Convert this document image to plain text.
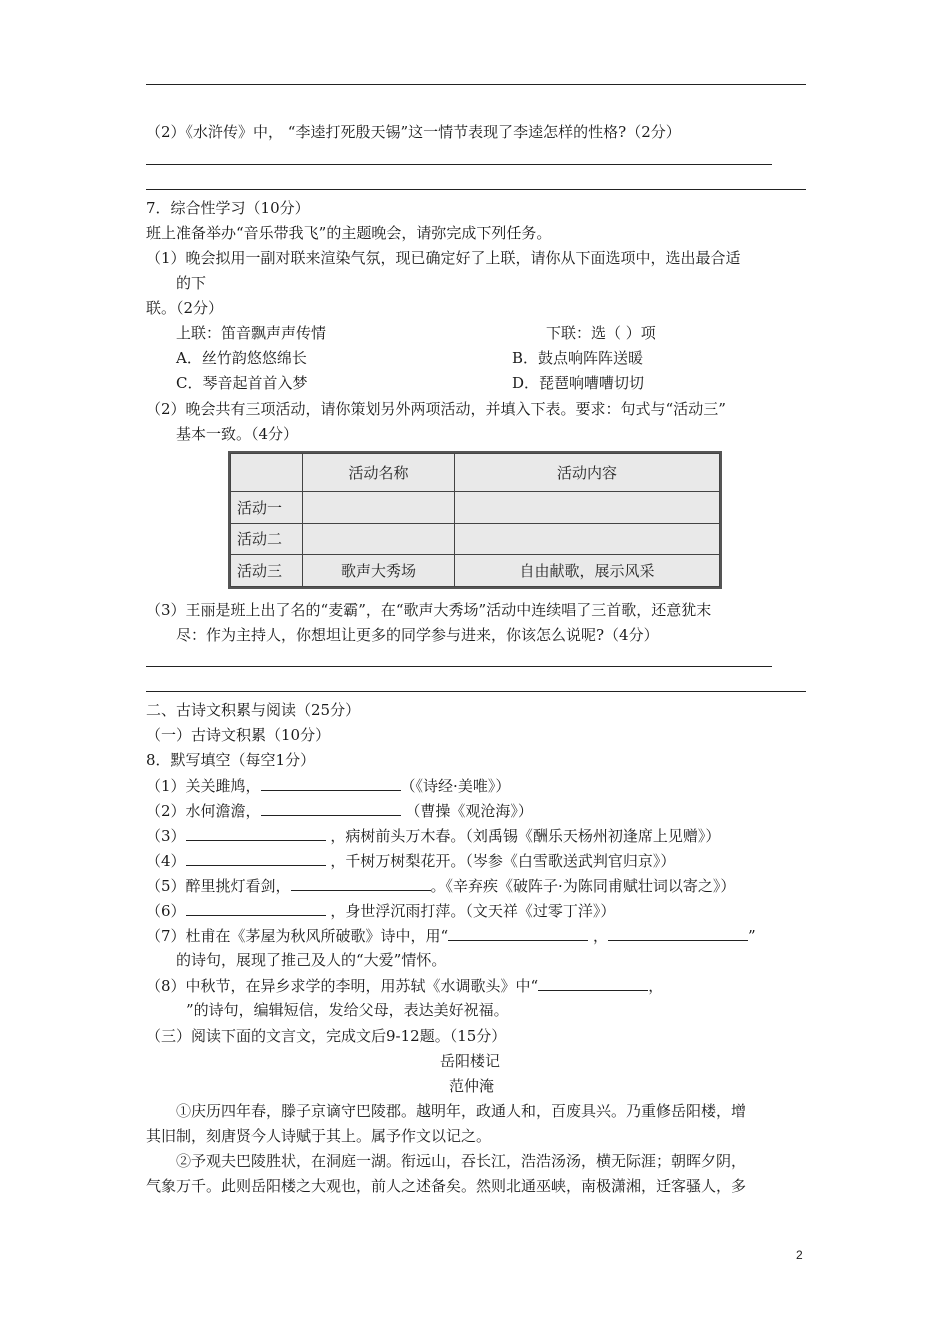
（2）《水浒传》中， “李逵打死殷天锡”这一情节表现了李逵怎样的性格?（2分）
7．综合性学习（10分）
班上准备举办“音乐带我飞”的主题晚会，请弥完成下列任务。
（1）晚会拟用一副对联来渲染气氛，现已确定好了上联，请你从下面选项中，选出最合适
的下
联。（2分）
上联：笛音飘声声传情	下联：选（ ）项
A．丝竹韵悠悠绵长	B．鼓点响阵阵送暖
C．琴音起首首入梦	D．琵琶响嘈嘈切切
（2）晚会共有三项活动，请你策划另外两项活动，并填入下表。要求：句式与“活动三”
基本一致。（4分）
	活动名称	活动内容
活动一		
活动二		
活动三	歌声大秀场	自由献歌，展示风采
（3）王丽是班上出了名的“麦霸”，在“歌声大秀场”活动中连续唱了三首歌，还意犹末
尽：作为主持人，你想坦让更多的同学参与进来，你该怎么说呢?（4分）
二、古诗文积累与阅读（25分）
（一）古诗文积累（10分）
8．默写填空（每空1分）
（1）关关雎鸠，	（《诗经·美唯》）
（2）水何澹澹，	（曹操《观沧海》）
（3）	，病树前头万木春。（刘禹锡《酬乐天杨州初逢席上见赠》）
（4）	，千树万树梨花开。（岑参《白雪歌送武判官归京》）
（5）醉里挑灯看剑，	。《辛弃疾《破阵子·为陈同甫赋壮词以寄之》）
（6）	，身世浮沉雨打萍。（文天祥《过零丁洋》）
（7）杜甫在《茅屋为秋风所破歌》诗中，用“	，	”
的诗句，展现了推己及人的“大爱”情怀。
（8）中秋节，在异乡求学的李明，用苏轼《水调歌头》中“	，
”的诗句，编辑短信，发给父母，表达美好祝福。
（三）阅读下面的文言文，完成文后9-12题。（15分）
岳阳楼记
范仲淹
①庆历四年春，滕子京谪守巴陵郡。越明年，政通人和，百废具兴。乃重修岳阳楼，增
其旧制，刻唐贤今人诗赋于其上。属予作文以记之。
②予观夫巴陵胜状，在洞庭一湖。衔远山，吞长江，浩浩汤汤，横无际涯；朝晖夕阴，
气象万千。此则岳阳楼之大观也，前人之述备矣。然则北通巫峡，南极潇湘，迁客骚人，多
2
